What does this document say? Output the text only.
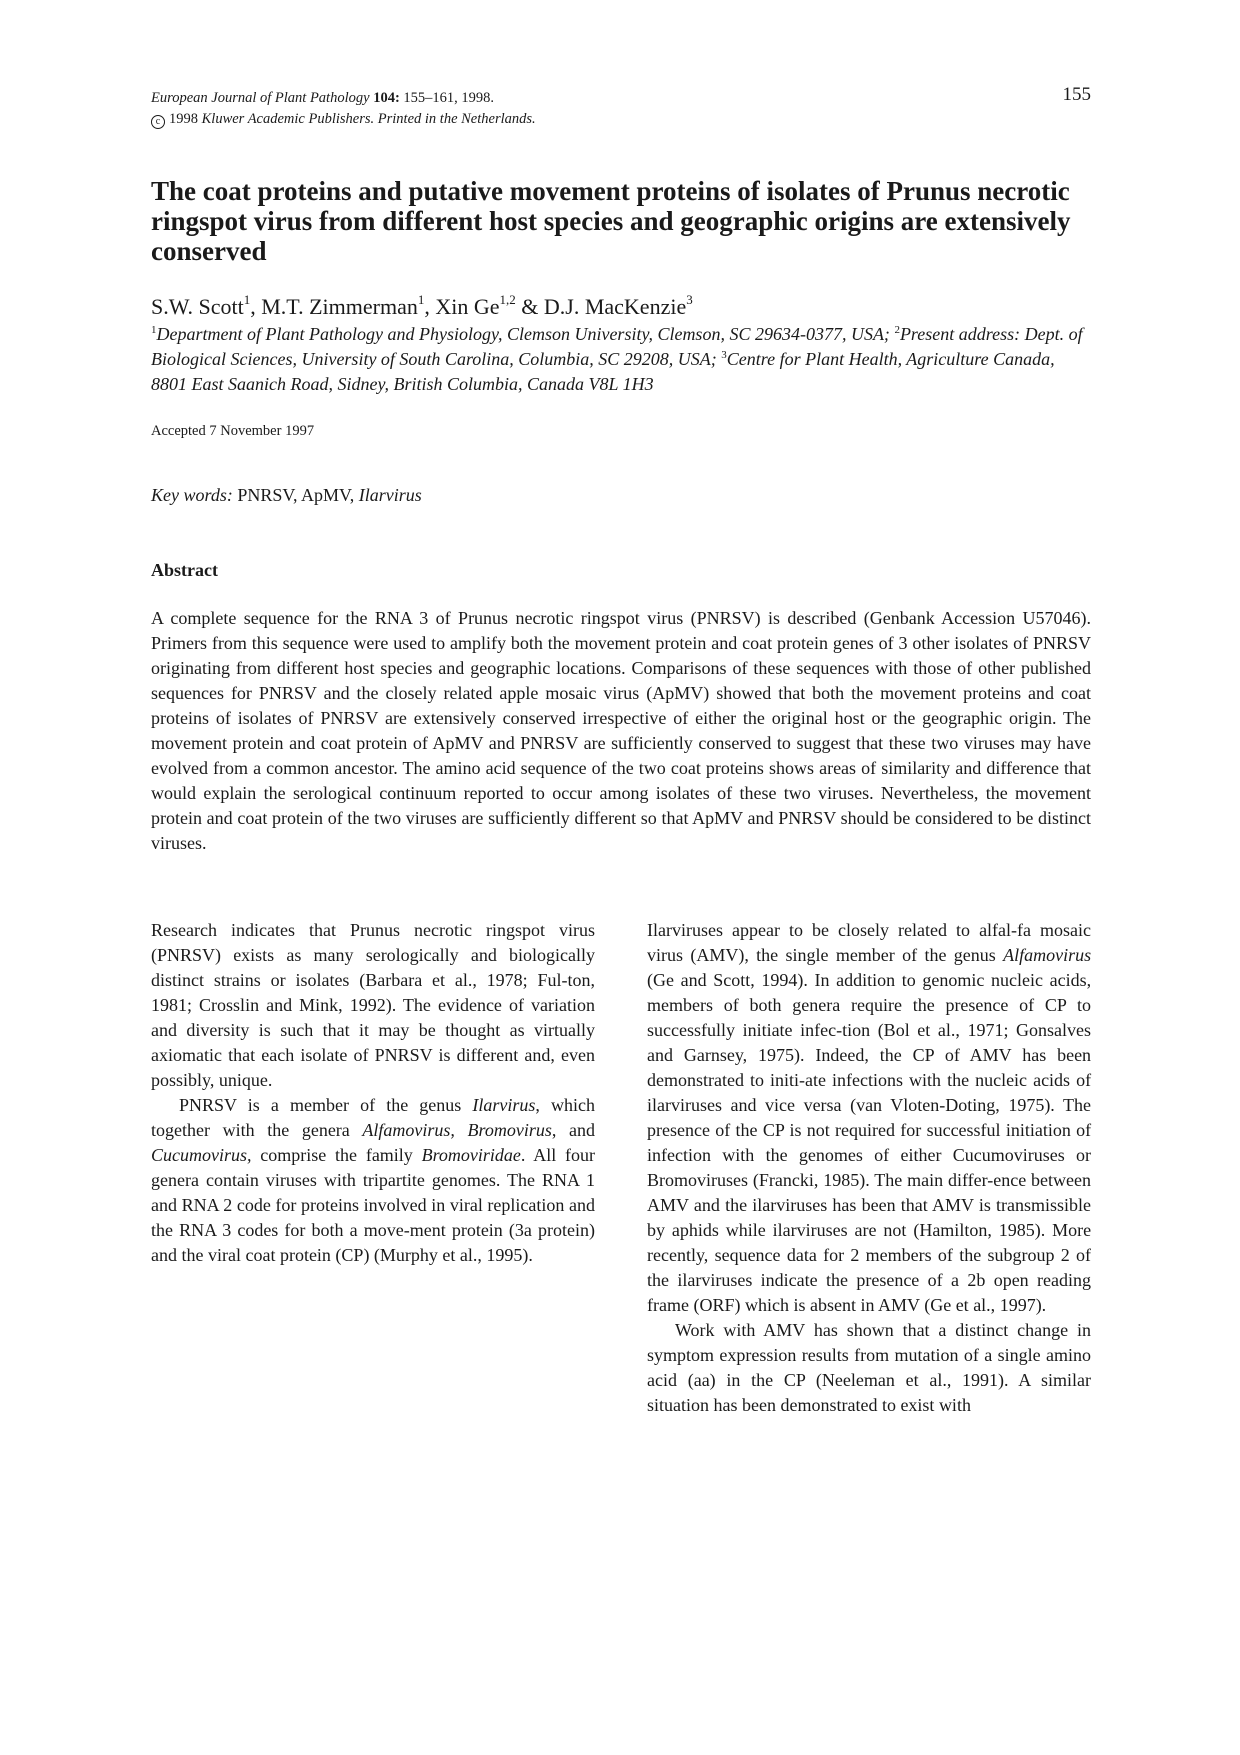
European Journal of Plant Pathology 104: 155–161, 1998.
c 1998 Kluwer Academic Publishers. Printed in the Netherlands.
155
The coat proteins and putative movement proteins of isolates of Prunus necrotic ringspot virus from different host species and geographic origins are extensively conserved
S.W. Scott$^1$, M.T. Zimmerman$^1$, Xin Ge$^{1,2}$ & D.J. MacKenzie$^3$
$^1$Department of Plant Pathology and Physiology, Clemson University, Clemson, SC 29634-0377, USA; $^2$Present address: Dept. of Biological Sciences, University of South Carolina, Columbia, SC 29208, USA; $^3$Centre for Plant Health, Agriculture Canada, 8801 East Saanich Road, Sidney, British Columbia, Canada V8L 1H3
Accepted 7 November 1997
Key words: PNRSV, ApMV, Ilarvirus
Abstract

A complete sequence for the RNA 3 of Prunus necrotic ringspot virus (PNRSV) is described (Genbank Accession U57046). Primers from this sequence were used to amplify both the movement protein and coat protein genes of 3 other isolates of PNRSV originating from different host species and geographic locations. Comparisons of these sequences with those of other published sequences for PNRSV and the closely related apple mosaic virus (ApMV) showed that both the movement proteins and coat proteins of isolates of PNRSV are extensively conserved irrespective of either the original host or the geographic origin. The movement protein and coat protein of ApMV and PNRSV are sufficiently conserved to suggest that these two viruses may have evolved from a common ancestor. The amino acid sequence of the two coat proteins shows areas of similarity and difference that would explain the serological continuum reported to occur among isolates of these two viruses. Nevertheless, the movement protein and coat protein of the two viruses are sufficiently different so that ApMV and PNRSV should be considered to be distinct viruses.

Research indicates that Prunus necrotic ringspot virus (PNRSV) exists as many serologically and biologically distinct strains or isolates (Barbara et al., 1978; Ful-ton, 1981; Crosslin and Mink, 1992). The evidence of variation and diversity is such that it may be thought as virtually axiomatic that each isolate of PNRSV is different and, even possibly, unique.

PNRSV is a member of the genus Ilarvirus, which together with the genera Alfamovirus, Bromovirus, and Cucumovirus, comprise the family Bromoviridae. All four genera contain viruses with tripartite genomes. The RNA 1 and RNA 2 code for proteins involved in viral replication and the RNA 3 codes for both a move-ment protein (3a protein) and the viral coat protein (CP) (Murphy et al., 1995).

Ilarviruses appear to be closely related to alfal-fa mosaic virus (AMV), the single member of the genus Alfamovirus (Ge and Scott, 1994). In addition to genomic nucleic acids, members of both genera require the presence of CP to successfully initiate infec-tion (Bol et al., 1971; Gonsalves and Garnsey, 1975). Indeed, the CP of AMV has been demonstrated to initi-ate infections with the nucleic acids of ilarviruses and vice versa (van Vloten-Doting, 1975). The presence of the CP is not required for successful initiation of infection with the genomes of either Cucumoviruses or Bromoviruses (Francki, 1985). The main differ-ence between AMV and the ilarviruses has been that AMV is transmissible by aphids while ilarviruses are not (Hamilton, 1985). More recently, sequence data for 2 members of the subgroup 2 of the ilarviruses indicate the presence of a 2b open reading frame (ORF) which is absent in AMV (Ge et al., 1997).

Work with AMV has shown that a distinct change in symptom expression results from mutation of a single amino acid (aa) in the CP (Neeleman et al., 1991). A similar situation has been demonstrated to exist with
